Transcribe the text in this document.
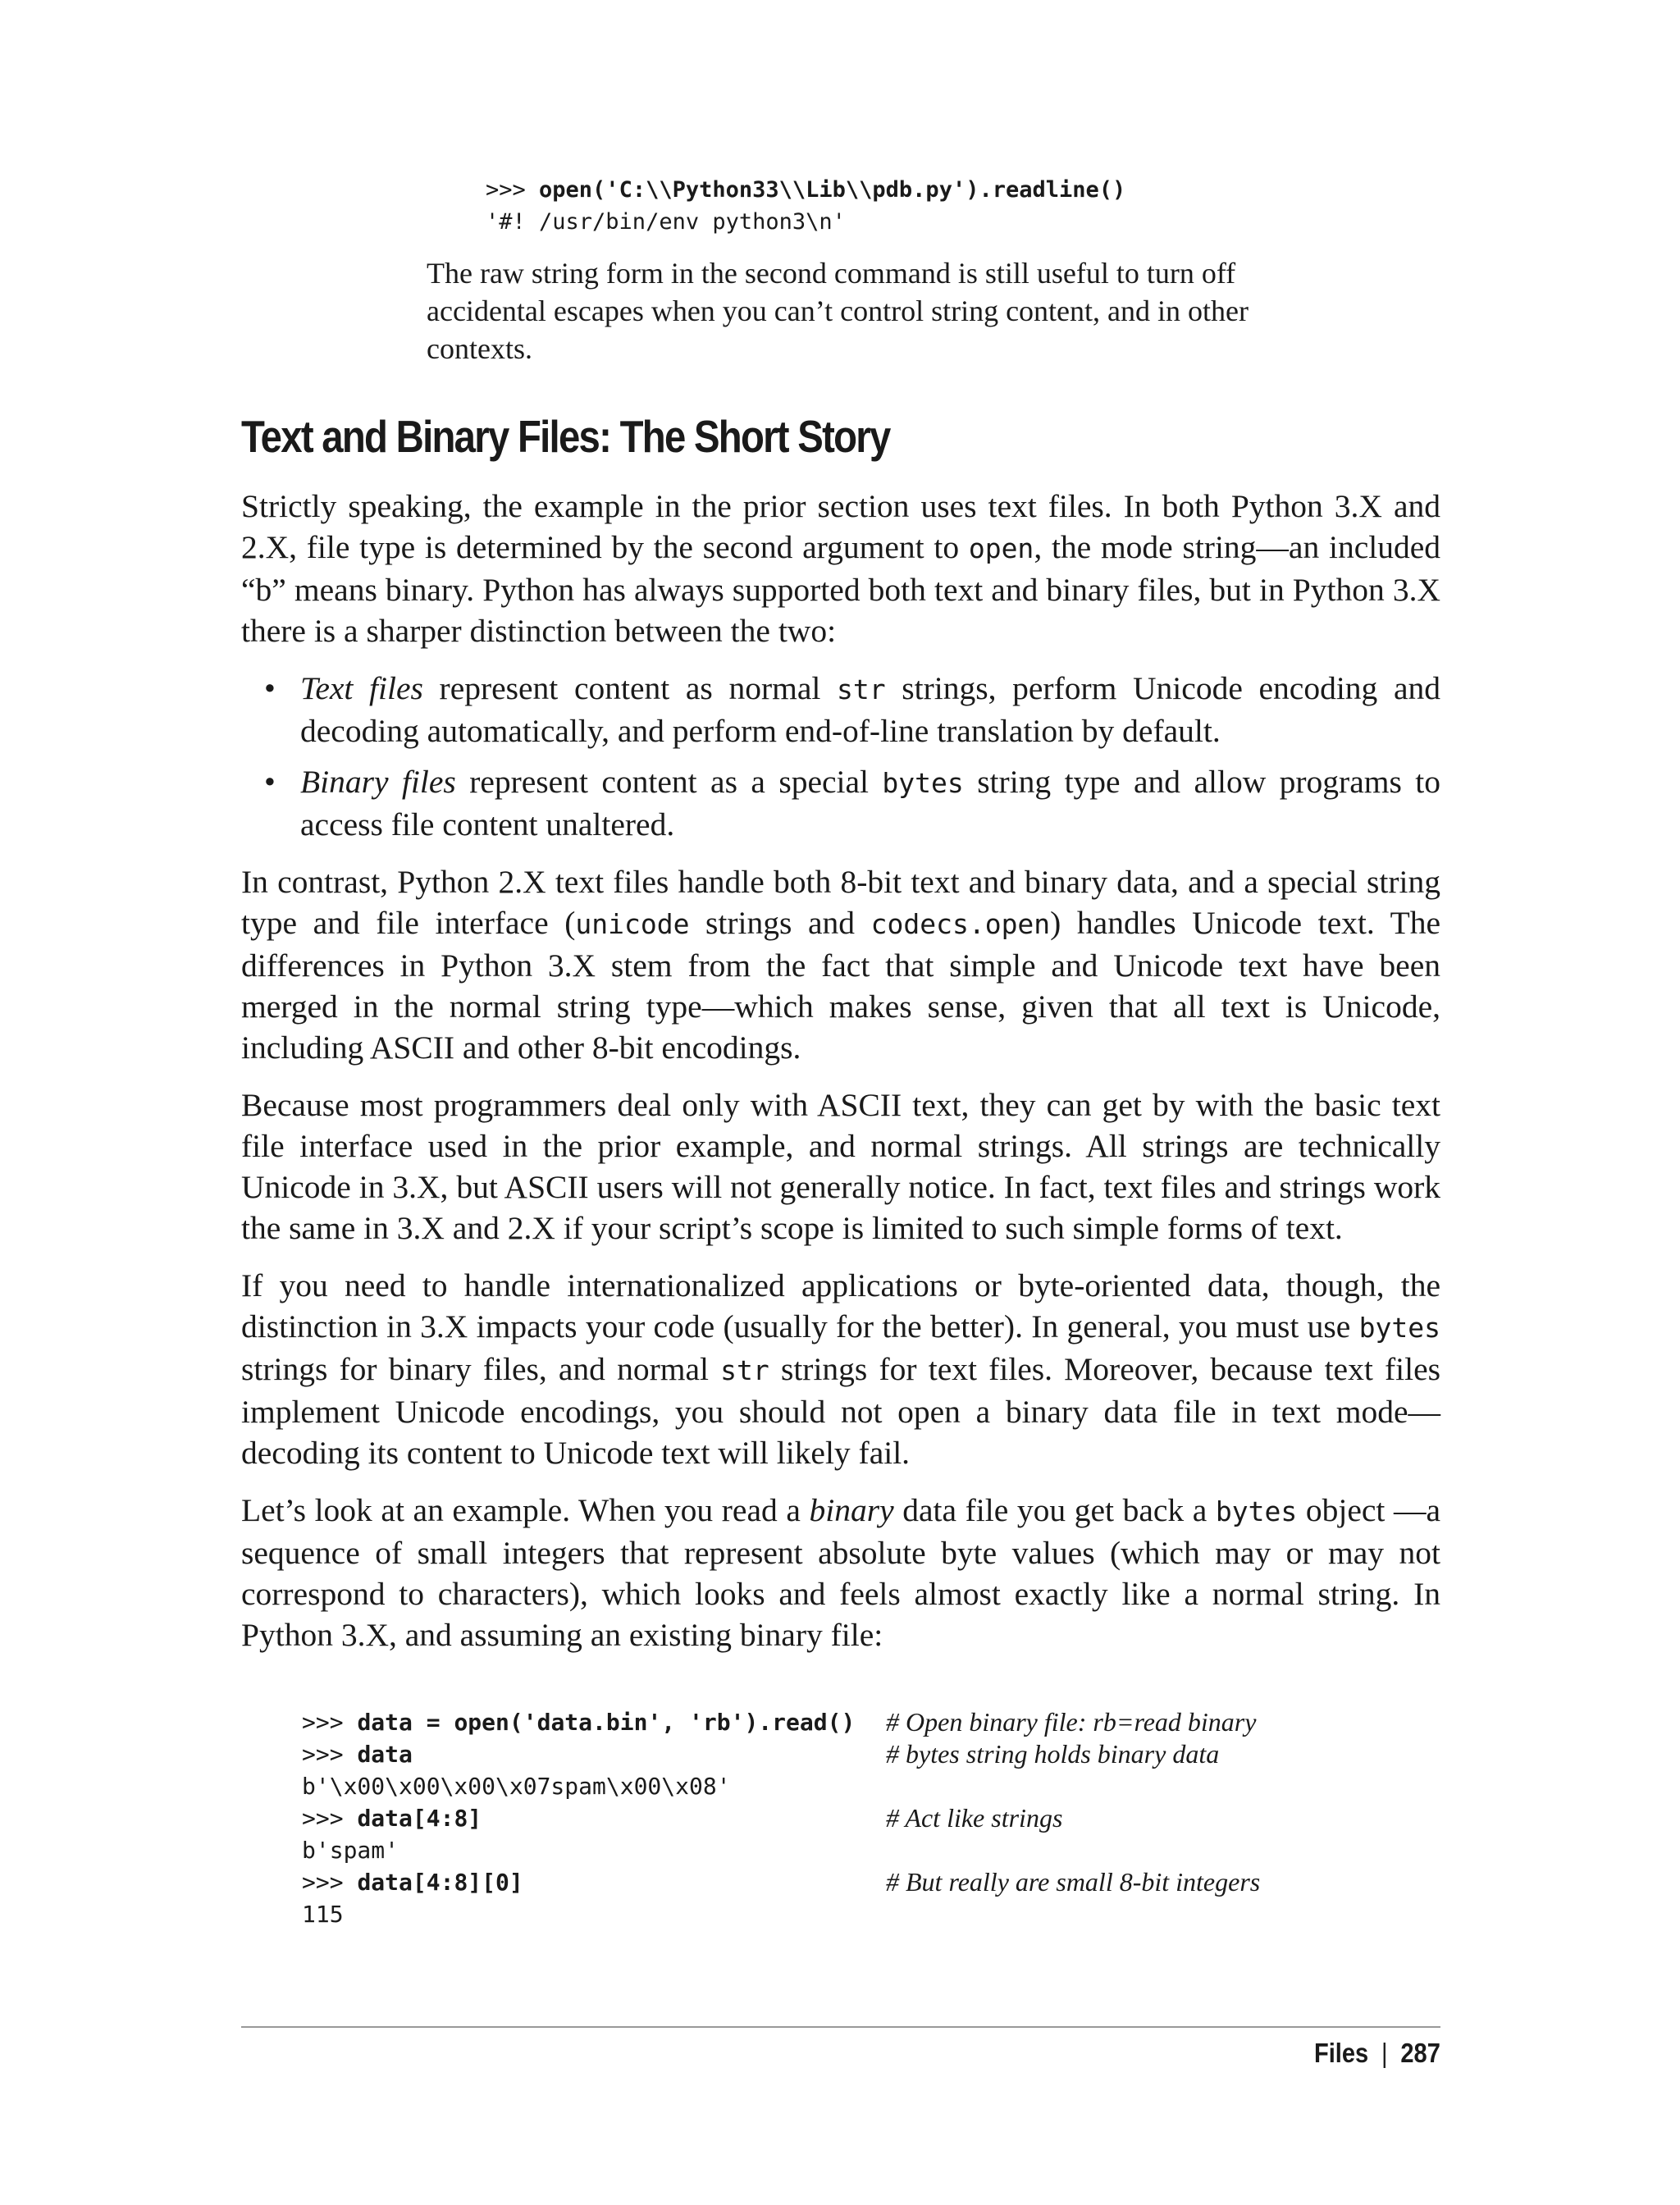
>>> open('C:\\Python33\\Lib\\pdb.py').readline()
'#! /usr/bin/env python3\n'
The raw string form in the second command is still useful to turn off accidental escapes when you can’t control string content, and in other contexts.
Text and Binary Files: The Short Story

Strictly speaking, the example in the prior section uses text files. In both Python 3.X and 2.X, file type is determined by the second argument to open, the mode string—an included “b” means binary. Python has always supported both text and binary files, but in Python 3.X there is a sharper distinction between the two:

• Text files represent content as normal str strings, perform Unicode encoding and decoding automatically, and perform end-of-line translation by default.
• Binary files represent content as a special bytes string type and allow programs to access file content unaltered.

In contrast, Python 2.X text files handle both 8-bit text and binary data, and a special string type and file interface (unicode strings and codecs.open) handles Unicode text. The differences in Python 3.X stem from the fact that simple and Unicode text have been merged in the normal string type—which makes sense, given that all text is Unicode, including ASCII and other 8-bit encodings.

Because most programmers deal only with ASCII text, they can get by with the basic text file interface used in the prior example, and normal strings. All strings are technically Unicode in 3.X, but ASCII users will not generally notice. In fact, text files and strings work the same in 3.X and 2.X if your script’s scope is limited to such simple forms of text.

If you need to handle internationalized applications or byte-oriented data, though, the distinction in 3.X impacts your code (usually for the better). In general, you must use bytes strings for binary files, and normal str strings for text files. Moreover, because text files implement Unicode encodings, you should not open a binary data file in text mode—decoding its content to Unicode text will likely fail.

Let’s look at an example. When you read a binary data file you get back a bytes object —a sequence of small integers that represent absolute byte values (which may or may not correspond to characters), which looks and feels almost exactly like a normal string. In Python 3.X, and assuming an existing binary file:

>>> data = open('data.bin', 'rb').read() # Open binary file: rb=read binary
>>> data	# bytes string holds binary data
b'\x00\x00\x00\x07spam\x00\x08'
>>> data[4:8]	# Act like strings
b'spam'
>>> data[4:8][0]	# But really are small 8-bit integers
115
Files | 287
